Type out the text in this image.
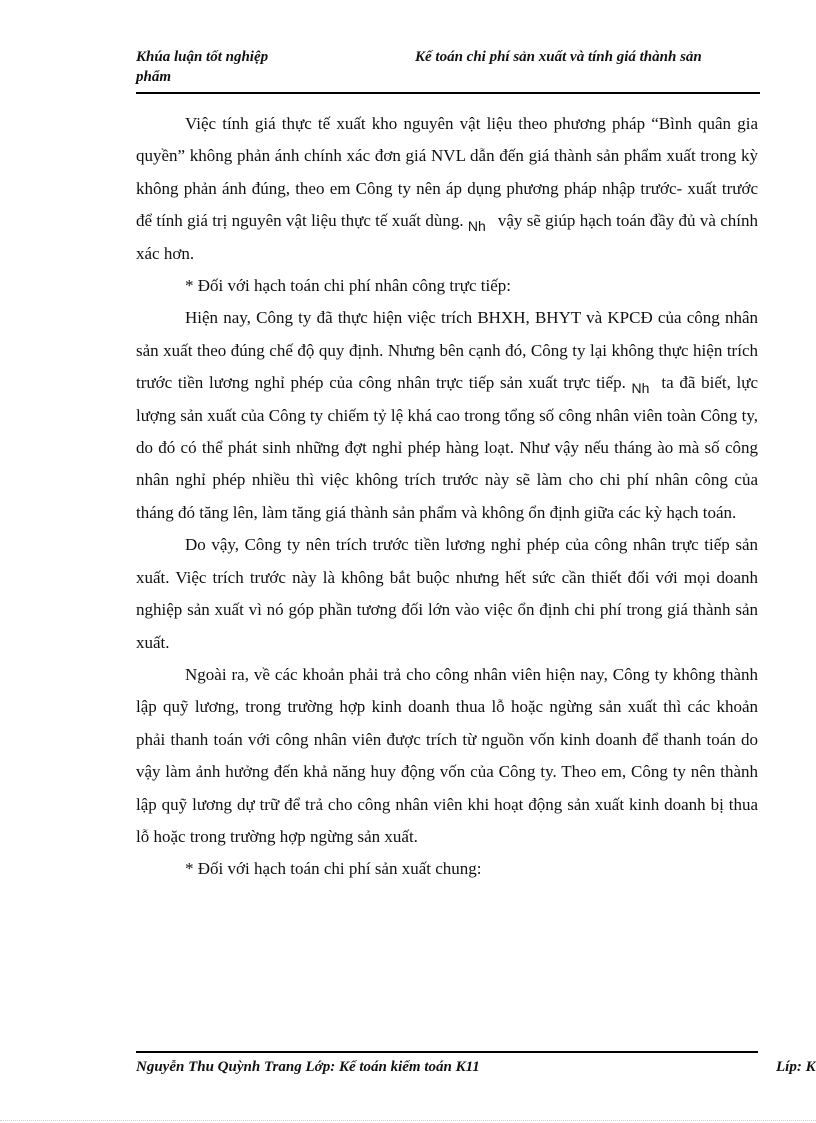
Khúa luận tốt nghiệp	Kế toán chi phí sản xuất và tính giá thành sản
phẩm

Việc tính giá thực tế xuất kho nguyên vật liệu theo phương pháp “Bình quân gia quyền” không phản ánh chính xác đơn giá NVL dẫn đến giá thành sản phẩm xuất trong kỳ không phản ánh đúng, theo em Công ty nên áp dụng phương pháp nhập trước- xuất trước để tính giá trị nguyên vật liệu thực tế xuất dùng. $_{Nh}$ vậy sẽ giúp hạch toán đầy đủ và chính xác hơn.

* Đối với hạch toán chi phí nhân công trực tiếp:

Hiện nay, Công ty đã thực hiện việc trích BHXH, BHYT và KPCĐ của công nhân sản xuất theo đúng chế độ quy định. Nhưng bên cạnh đó, Công ty lại không thực hiện trích trước tiền lương nghỉ phép của công nhân trực tiếp sản xuất trực tiếp. $_{Nh}$ ta đã biết, lực lượng sản xuất của Công ty chiếm tỷ lệ khá cao trong tổng số công nhân viên toàn Công ty, do đó có thể phát sinh những đợt nghỉ phép hàng loạt. Như vậy nếu tháng ào mà số công nhân nghỉ phép nhiều thì việc không trích trước này sẽ làm cho chi phí nhân công của tháng đó tăng lên, làm tăng giá thành sản phẩm và không ổn định giữa các kỳ hạch toán.

Do vậy, Công ty nên trích trước tiền lương nghỉ phép của công nhân trực tiếp sản xuất. Việc trích trước này là không bắt buộc nhưng hết sức cần thiết đối với mọi doanh nghiệp sản xuất vì nó góp phần tương đối lớn vào việc ổn định chi phí trong giá thành sản xuất.

Ngoài ra, về các khoản phải trả cho công nhân viên hiện nay, Công ty không thành lập quỹ lương, trong trường hợp kinh doanh thua lỗ hoặc ngừng sản xuất thì các khoản phải thanh toán với công nhân viên được trích từ nguồn vốn kinh doanh để thanh toán do vậy làm ảnh hưởng đến khả năng huy động vốn của Công ty. Theo em, Công ty nên thành lập quỹ lương dự trữ để trả cho công nhân viên khi hoạt động sản xuất kinh doanh bị thua lỗ hoặc trong trường hợp ngừng sản xuất.

* Đối với hạch toán chi phí sản xuất chung:

Nguyễn Thu Quỳnh Trang Lớp: Kế toán kiểm toán K11	Líp: K
